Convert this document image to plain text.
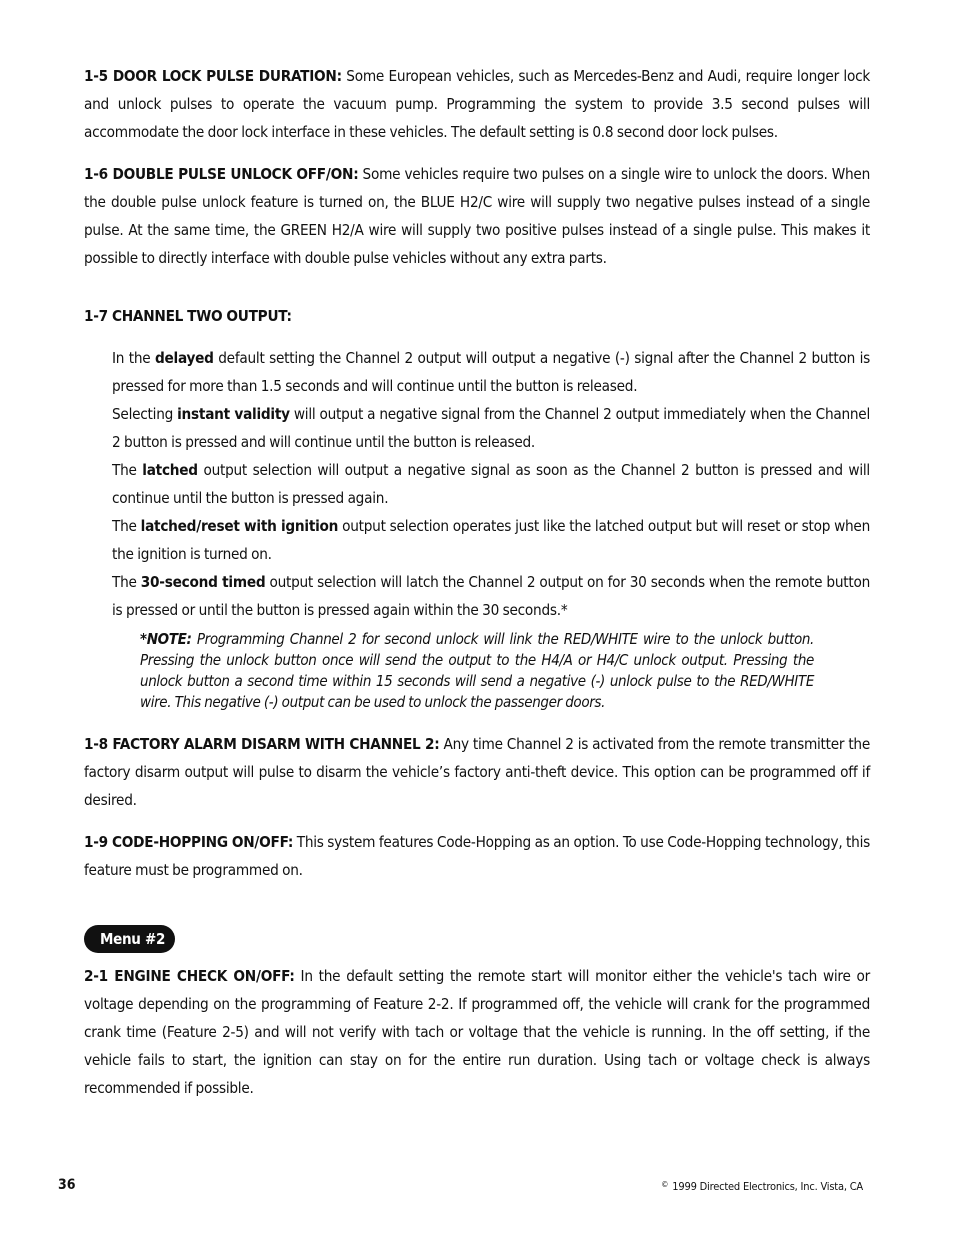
1-5 DOOR LOCK PULSE DURATION: Some European vehicles, such as Mercedes-Benz and Audi, require longer lock and unlock pulses to operate the vacuum pump. Programming the system to provide 3.5 second pulses will accommodate the door lock interface in these vehicles. The default setting is 0.8 second door lock pulses.

1-6 DOUBLE PULSE UNLOCK OFF/ON: Some vehicles require two pulses on a single wire to unlock the doors. When the double pulse unlock feature is turned on, the BLUE H2/C wire will supply two negative pulses instead of a single pulse. At the same time, the GREEN H2/A wire will supply two positive pulses instead of a single pulse. This makes it possible to directly interface with double pulse vehicles without any extra parts.

1-7 CHANNEL TWO OUTPUT:

In the delayed default setting the Channel 2 output will output a negative (-) signal after the Channel 2 button is pressed for more than 1.5 seconds and will continue until the button is released.

Selecting instant validity will output a negative signal from the Channel 2 output immediately when the Channel 2 button is pressed and will continue until the button is released.

The latched output selection will output a negative signal as soon as the Channel 2 button is pressed and will continue until the button is pressed again.

The latched/reset with ignition output selection operates just like the latched output but will reset or stop when the ignition is turned on.

The 30-second timed output selection will latch the Channel 2 output on for 30 seconds when the remote button is pressed or until the button is pressed again within the 30 seconds.*

*NOTE: Programming Channel 2 for second unlock will link the RED/WHITE wire to the unlock button. Pressing the unlock button once will send the output to the H4/A or H4/C unlock output. Pressing the unlock button a second time within 15 seconds will send a negative (-) unlock pulse to the RED/WHITE wire. This negative (-) output can be used to unlock the passenger doors.

1-8 FACTORY ALARM DISARM WITH CHANNEL 2: Any time Channel 2 is activated from the remote transmitter the factory disarm output will pulse to disarm the vehicle’s factory anti-theft device. This option can be programmed off if desired.

1-9 CODE-HOPPING ON/OFF: This system features Code-Hopping as an option. To use Code-Hopping technology, this feature must be programmed on.

Menu #2

2-1 ENGINE CHECK ON/OFF: In the default setting the remote start will monitor either the vehicle's tach wire or voltage depending on the programming of Feature 2-2. If programmed off, the vehicle will crank for the programmed crank time (Feature 2-5) and will not verify with tach or voltage that the vehicle is running. In the off setting, if the vehicle fails to start, the ignition can stay on for the entire run duration. Using tach or voltage check is always recommended if possible.

36	© 1999 Directed Electronics, Inc. Vista, CA
